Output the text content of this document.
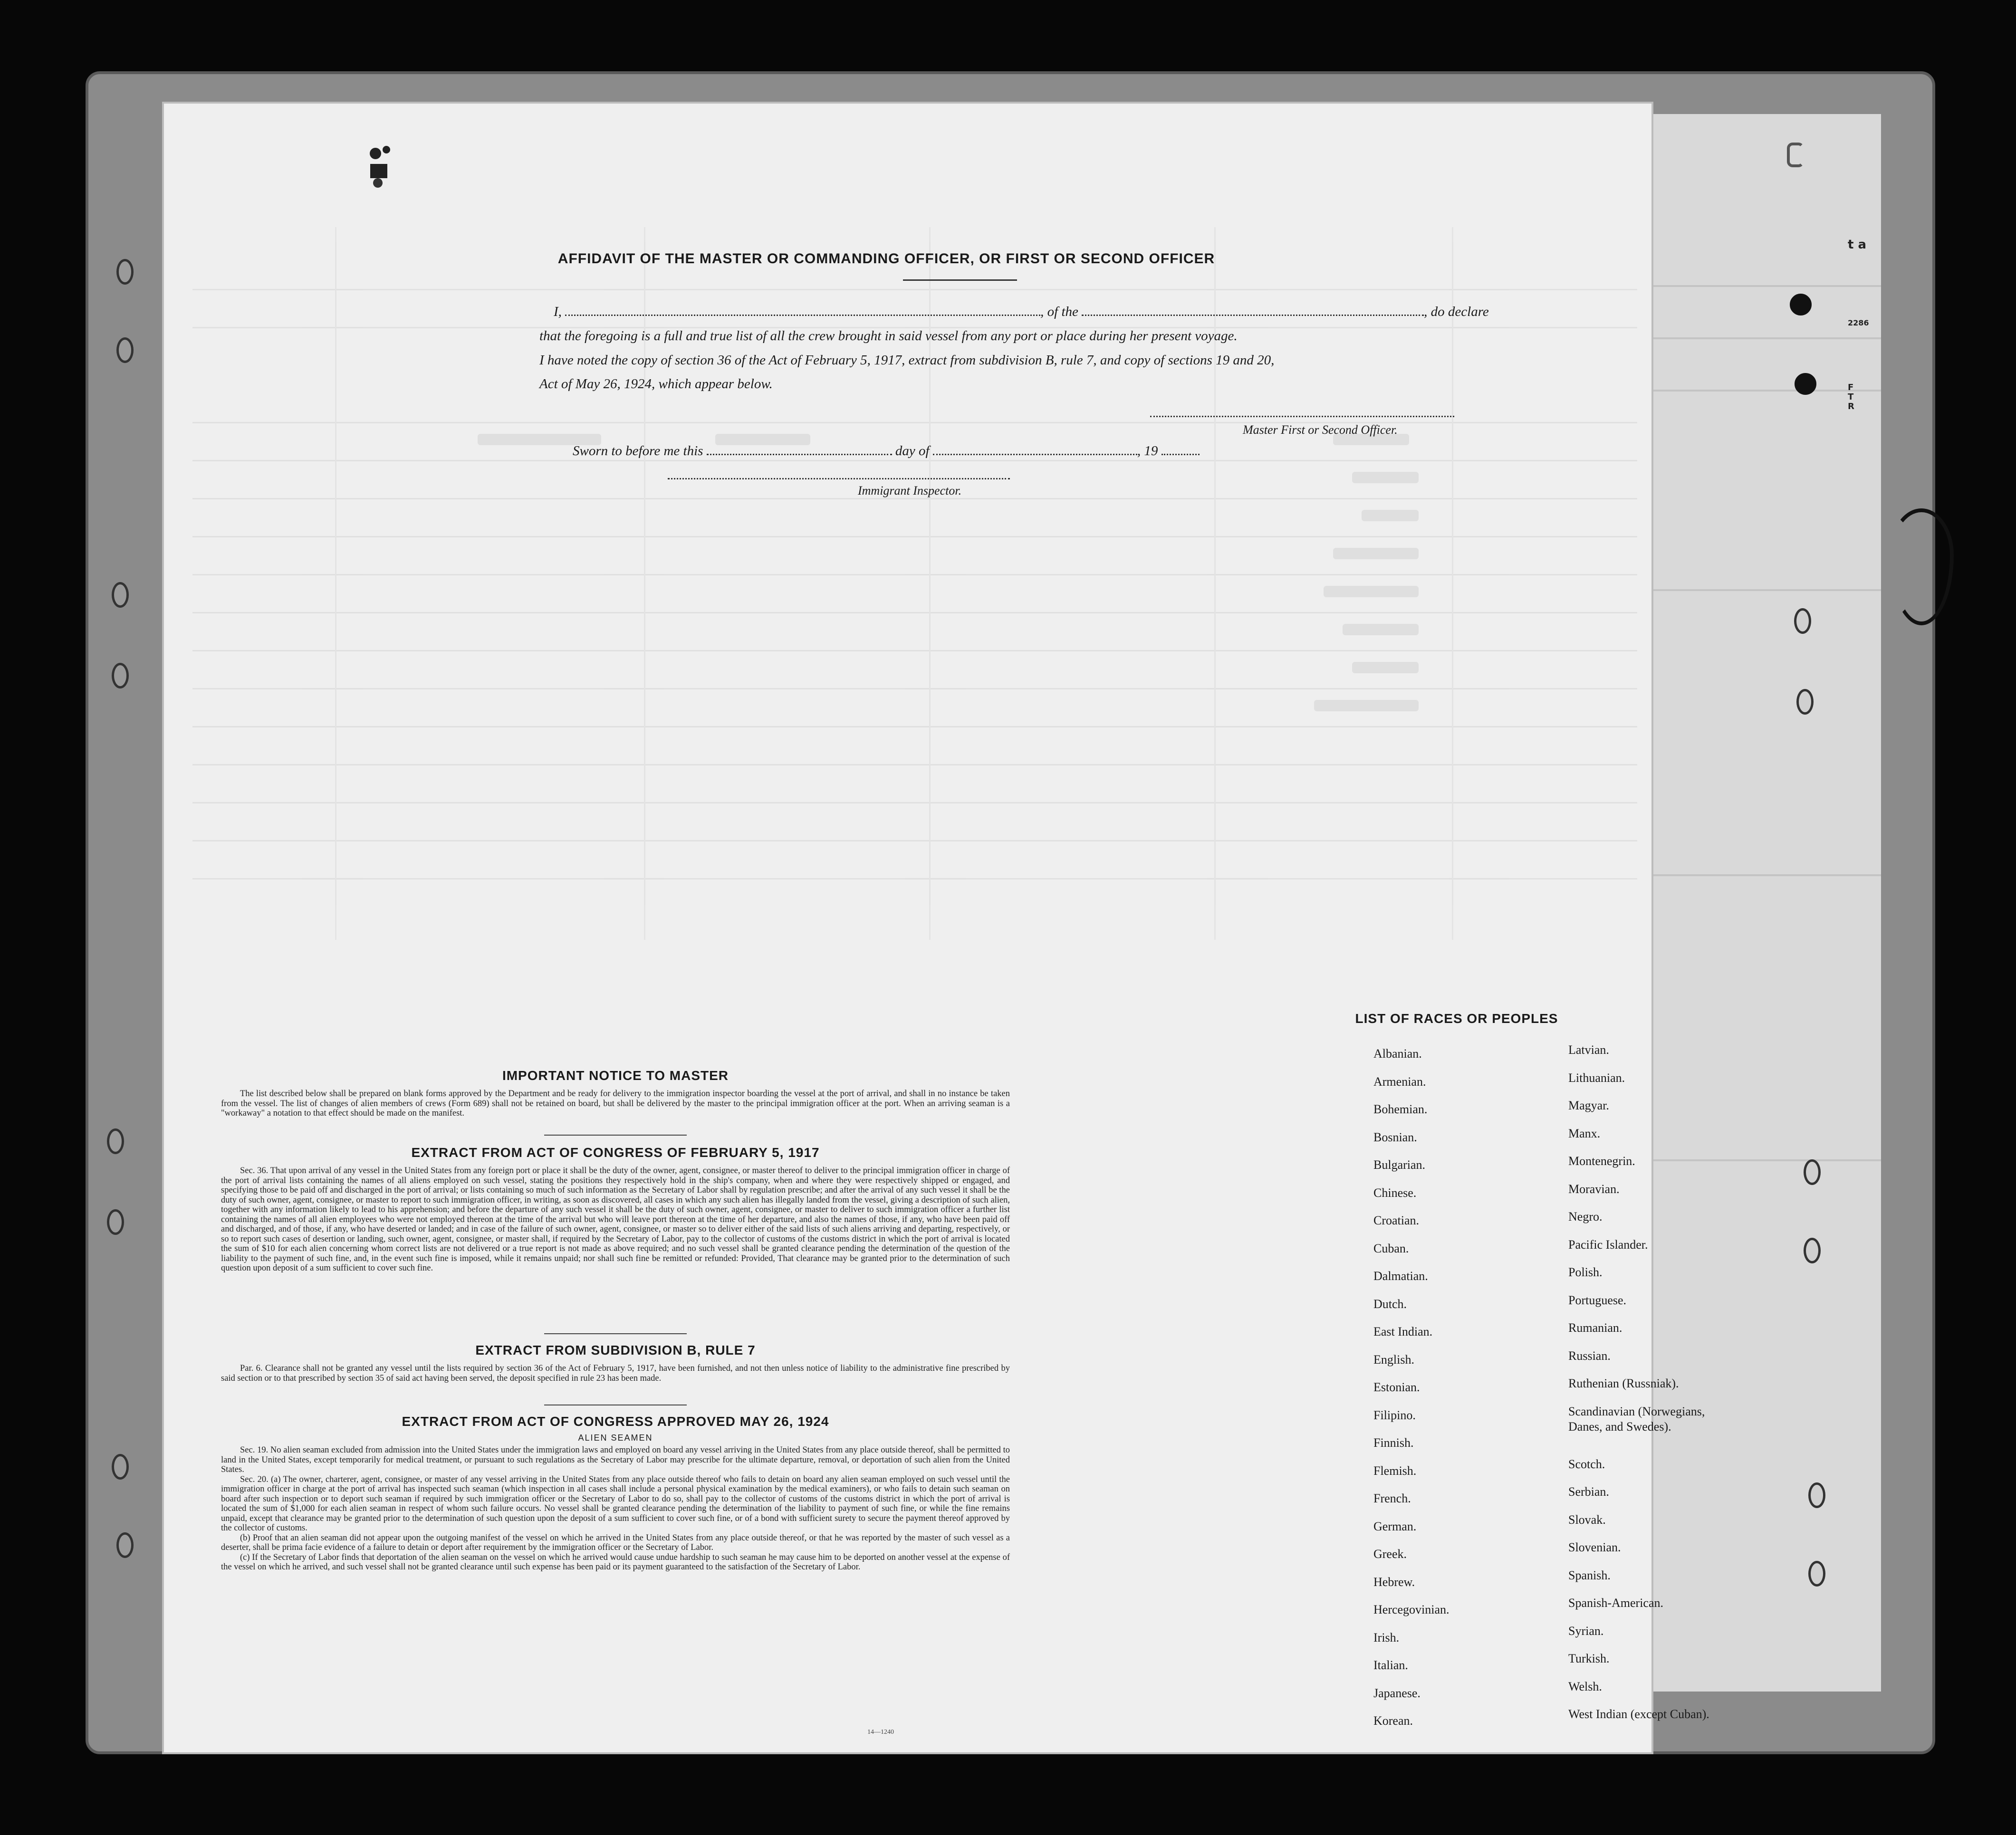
t a
2286
F
T
R
AFFIDAVIT OF THE MASTER OR COMMANDING OFFICER, OR FIRST OR SECOND OFFICER
I,	, of the	, do declare
that the foregoing is a full and true list of all the crew brought in said vessel from any port or place during her present voyage.
I have noted the copy of section 36 of the Act of February 5, 1917, extract from subdivision B, rule 7, and copy of sections 19 and 20,
Act of May 26, 1924, which appear below.
Master First or Second Officer.
Sworn to before me this	day of	, 19
Immigrant Inspector.
IMPORTANT NOTICE TO MASTER

The list described below shall be prepared on blank forms approved by the Department and be ready for delivery to the immigration inspector boarding the vessel at the port of arrival, and shall in no instance be taken from the vessel. The list of changes of alien members of crews (Form 689) shall not be retained on board, but shall be delivered by the master to the principal immigration officer at the port. When an arriving seaman is a "workaway" a notation to that effect should be made on the manifest.

EXTRACT FROM ACT OF CONGRESS OF FEBRUARY 5, 1917

Sec. 36. That upon arrival of any vessel in the United States from any foreign port or place it shall be the duty of the owner, agent, consignee, or master thereof to deliver to the principal immigration officer in charge of the port of arrival lists containing the names of all aliens employed on such vessel, stating the positions they respectively hold in the ship's company, when and where they were respectively shipped or engaged, and specifying those to be paid off and discharged in the port of arrival; or lists containing so much of such information as the Secretary of Labor shall by regulation prescribe; and after the arrival of any such vessel it shall be the duty of such owner, agent, consignee, or master to report to such immigration officer, in writing, as soon as discovered, all cases in which any such alien has illegally landed from the vessel, giving a description of such alien, together with any information likely to lead to his apprehension; and before the departure of any such vessel it shall be the duty of such owner, agent, consignee, or master to deliver to such immigration officer a further list containing the names of all alien employees who were not employed thereon at the time of the arrival but who will leave port thereon at the time of her departure, and also the names of those, if any, who have been paid off and discharged, and of those, if any, who have deserted or landed; and in case of the failure of such owner, agent, consignee, or master so to deliver either of the said lists of such aliens arriving and departing, respectively, or so to report such cases of desertion or landing, such owner, agent, consignee, or master shall, if required by the Secretary of Labor, pay to the collector of customs of the customs district in which the port of arrival is located the sum of $10 for each alien concerning whom correct lists are not delivered or a true report is not made as above required; and no such vessel shall be granted clearance pending the determination of the question of the liability to the payment of such fine, and, in the event such fine is imposed, while it remains unpaid; nor shall such fine be remitted or refunded: Provided, That clearance may be granted prior to the determination of such question upon deposit of a sum sufficient to cover such fine.

EXTRACT FROM SUBDIVISION B, RULE 7

Par. 6. Clearance shall not be granted any vessel until the lists required by section 36 of the Act of February 5, 1917, have been furnished, and not then unless notice of liability to the administrative fine prescribed by said section or to that prescribed by section 35 of said act having been served, the deposit specified in rule 23 has been made.

EXTRACT FROM ACT OF CONGRESS APPROVED MAY 26, 1924
ALIEN SEAMEN

Sec. 19. No alien seaman excluded from admission into the United States under the immigration laws and employed on board any vessel arriving in the United States from any place outside thereof, shall be permitted to land in the United States, except temporarily for medical treatment, or pursuant to such regulations as the Secretary of Labor may prescribe for the ultimate departure, removal, or deportation of such alien from the United States.

Sec. 20. (a) The owner, charterer, agent, consignee, or master of any vessel arriving in the United States from any place outside thereof who fails to detain on board any alien seaman employed on such vessel until the immigration officer in charge at the port of arrival has inspected such seaman (which inspection in all cases shall include a personal physical examination by the medical examiners), or who fails to detain such seaman on board after such inspection or to deport such seaman if required by such immigration officer or the Secretary of Labor to do so, shall pay to the collector of customs of the customs district in which the port of arrival is located the sum of $1,000 for each alien seaman in respect of whom such failure occurs. No vessel shall be granted clearance pending the determination of the liability to payment of such fine, or while the fine remains unpaid, except that clearance may be granted prior to the determination of such question upon the deposit of a sum sufficient to cover such fine, or of a bond with sufficient surety to secure the payment thereof approved by the collector of customs.

(b) Proof that an alien seaman did not appear upon the outgoing manifest of the vessel on which he arrived in the United States from any place outside thereof, or that he was reported by the master of such vessel as a deserter, shall be prima facie evidence of a failure to detain or deport after requirement by the immigration officer or the Secretary of Labor.

(c) If the Secretary of Labor finds that deportation of the alien seaman on the vessel on which he arrived would cause undue hardship to such seaman he may cause him to be deported on another vessel at the expense of the vessel on which he arrived, and such vessel shall not be granted clearance until such expense has been paid or its payment guaranteed to the satisfaction of the Secretary of Labor.

14—1240
LIST OF RACES OR PEOPLES
Albanian.
Armenian.
Bohemian.
Bosnian.
Bulgarian.
Chinese.
Croatian.
Cuban.
Dalmatian.
Dutch.
East Indian.
English.
Estonian.
Filipino.
Finnish.
Flemish.
French.
German.
Greek.
Hebrew.
Hercegovinian.
Irish.
Italian.
Japanese.
Korean.
Latvian.
Lithuanian.
Magyar.
Manx.
Montenegrin.
Moravian.
Negro.
Pacific Islander.
Polish.
Portuguese.
Rumanian.
Russian.
Ruthenian (Russniak).
Scandinavian (Norwegians,
Danes, and Swedes).
Scotch.
Serbian.
Slovak.
Slovenian.
Spanish.
Spanish-American.
Syrian.
Turkish.
Welsh.
West Indian (except Cuban).
